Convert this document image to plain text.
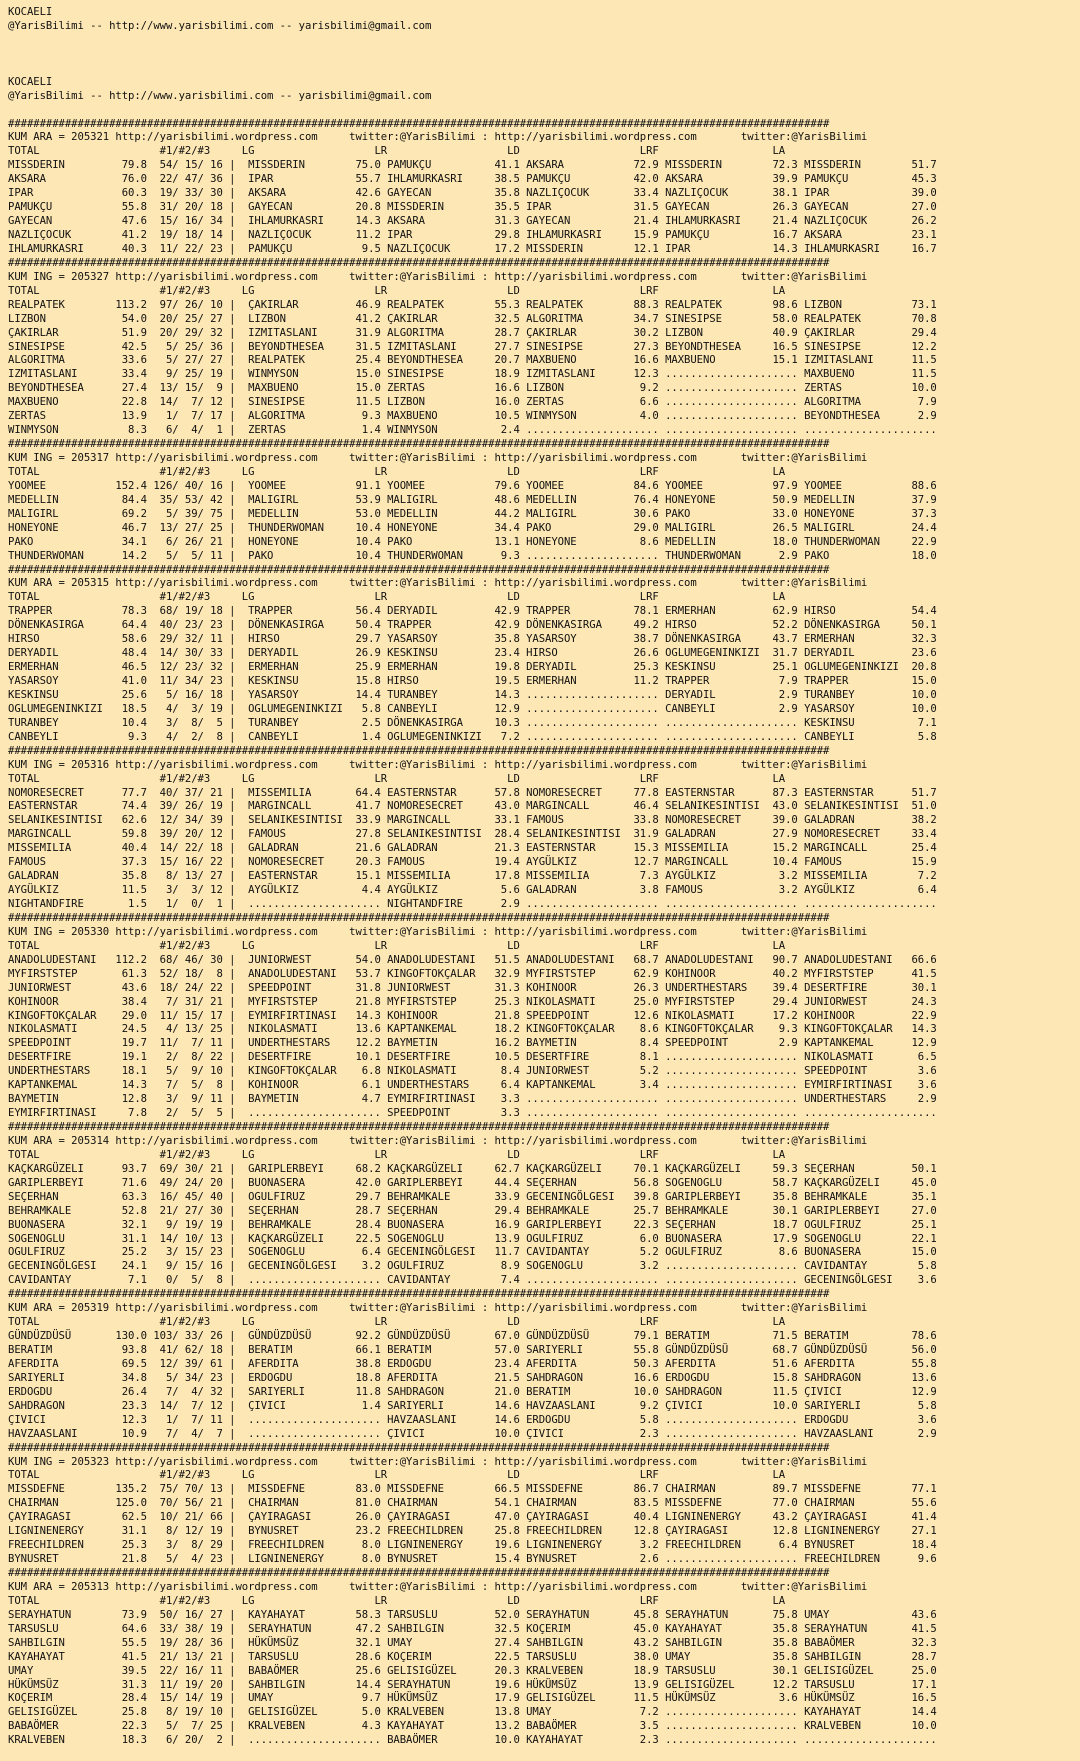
KOCAELI
@YarisBilimi -- http://www.yarisbilimi.com -- yarisbilimi@gmail.com
KOCAELI
@YarisBilimi -- http://www.yarisbilimi.com -- yarisbilimi@gmail.com
##################################################################################################################################
KUM ARA = 205321 http://yarisbilimi.wordpress.com     twitter:@YarisBilimi : http://yarisbilimi.wordpress.com       twitter:@YarisBilimi
TOTAL                   #1/#2/#3     LG                   LR                   LD                   LRF                  LA
MISSDERIN         79.8  54/ 15/ 16 |  MISSDERIN        75.0 PAMUKÇU          41.1 AKSARA           72.9 MISSDERIN        72.3 MISSDERIN        51.7
AKSARA            76.0  22/ 47/ 36 |  IPAR             55.7 IHLAMURKASRI     38.5 PAMUKÇU          42.0 AKSARA           39.9 PAMUKÇU          45.3
IPAR              60.3  19/ 33/ 30 |  AKSARA           42.6 GAYECAN          35.8 NAZLIÇOCUK       33.4 NAZLIÇOCUK       38.1 IPAR             39.0
PAMUKÇU           55.8  31/ 20/ 18 |  GAYECAN          20.8 MISSDERIN        35.5 IPAR             31.5 GAYECAN          26.3 GAYECAN          27.0
GAYECAN           47.6  15/ 16/ 34 |  IHLAMURKASRI     14.3 AKSARA           31.3 GAYECAN          21.4 IHLAMURKASRI     21.4 NAZLIÇOCUK       26.2
NAZLIÇOCUK        41.2  19/ 18/ 14 |  NAZLIÇOCUK       11.2 IPAR             29.8 IHLAMURKASRI     15.9 PAMUKÇU          16.7 AKSARA           23.1
IHLAMURKASRI      40.3  11/ 22/ 23 |  PAMUKÇU           9.5 NAZLIÇOCUK       17.2 MISSDERIN        12.1 IPAR             14.3 IHLAMURKASRI     16.7
##################################################################################################################################
KUM ING = 205327 http://yarisbilimi.wordpress.com     twitter:@YarisBilimi : http://yarisbilimi.wordpress.com       twitter:@YarisBilimi
TOTAL                   #1/#2/#3     LG                   LR                   LD                   LRF                  LA
REALPATEK        113.2  97/ 26/ 10 |  ÇAKIRLAR         46.9 REALPATEK        55.3 REALPATEK        88.3 REALPATEK        98.6 LIZBON           73.1
LIZBON            54.0  20/ 25/ 27 |  LIZBON           41.2 ÇAKIRLAR         32.5 ALGORITMA        34.7 SINESIPSE        58.0 REALPATEK        70.8
ÇAKIRLAR          51.9  20/ 29/ 32 |  IZMITASLANI      31.9 ALGORITMA        28.7 ÇAKIRLAR         30.2 LIZBON           40.9 ÇAKIRLAR         29.4
SINESIPSE         42.5   5/ 25/ 36 |  BEYONDTHESEA     31.5 IZMITASLANI      27.7 SINESIPSE        27.3 BEYONDTHESEA     16.5 SINESIPSE        12.2
ALGORITMA         33.6   5/ 27/ 27 |  REALPATEK        25.4 BEYONDTHESEA     20.7 MAXBUENO         16.6 MAXBUENO         15.1 IZMITASLANI      11.5
IZMITASLANI       33.4   9/ 25/ 19 |  WINMYSON         15.0 SINESIPSE        18.9 IZMITASLANI      12.3 ..................... MAXBUENO         11.5
BEYONDTHESEA      27.4  13/ 15/  9 |  MAXBUENO         15.0 ZERTAS           16.6 LIZBON            9.2 ..................... ZERTAS           10.0
MAXBUENO          22.8  14/  7/ 12 |  SINESIPSE        11.5 LIZBON           16.0 ZERTAS            6.6 ..................... ALGORITMA         7.9
ZERTAS            13.9   1/  7/ 17 |  ALGORITMA         9.3 MAXBUENO         10.5 WINMYSON          4.0 ..................... BEYONDTHESEA      2.9
WINMYSON           8.3   6/  4/  1 |  ZERTAS            1.4 WINMYSON          2.4 ..................... ..................... .....................
##################################################################################################################################
KUM ING = 205317 http://yarisbilimi.wordpress.com     twitter:@YarisBilimi : http://yarisbilimi.wordpress.com       twitter:@YarisBilimi
TOTAL                   #1/#2/#3     LG                   LR                   LD                   LRF                  LA
YOOMEE           152.4 126/ 40/ 16 |  YOOMEE           91.1 YOOMEE           79.6 YOOMEE           84.6 YOOMEE           97.9 YOOMEE           88.6
MEDELLIN          84.4  35/ 53/ 42 |  MALIGIRL         53.9 MALIGIRL         48.6 MEDELLIN         76.4 HONEYONE         50.9 MEDELLIN         37.9
MALIGIRL          69.2   5/ 39/ 75 |  MEDELLIN         53.0 MEDELLIN         44.2 MALIGIRL         30.6 PAKO             33.0 HONEYONE         37.3
HONEYONE          46.7  13/ 27/ 25 |  THUNDERWOMAN     10.4 HONEYONE         34.4 PAKO             29.0 MALIGIRL         26.5 MALIGIRL         24.4
PAKO              34.1   6/ 26/ 21 |  HONEYONE         10.4 PAKO             13.1 HONEYONE          8.6 MEDELLIN         18.0 THUNDERWOMAN     22.9
THUNDERWOMAN      14.2   5/  5/ 11 |  PAKO             10.4 THUNDERWOMAN      9.3 ..................... THUNDERWOMAN      2.9 PAKO             18.0
##################################################################################################################################
KUM ARA = 205315 http://yarisbilimi.wordpress.com     twitter:@YarisBilimi : http://yarisbilimi.wordpress.com       twitter:@YarisBilimi
TOTAL                   #1/#2/#3     LG                   LR                   LD                   LRF                  LA
TRAPPER           78.3  68/ 19/ 18 |  TRAPPER          56.4 DERYADIL         42.9 TRAPPER          78.1 ERMERHAN         62.9 HIRSO            54.4
DÖNENKASIRGA      64.4  40/ 23/ 23 |  DÖNENKASIRGA     50.4 TRAPPER          42.9 DÖNENKASIRGA     49.2 HIRSO            52.2 DÖNENKASIRGA     50.1
HIRSO             58.6  29/ 32/ 11 |  HIRSO            29.7 YASARSOY         35.8 YASARSOY         38.7 DÖNENKASIRGA     43.7 ERMERHAN         32.3
DERYADIL          48.4  14/ 30/ 33 |  DERYADIL         26.9 KESKINSU         23.4 HIRSO            26.6 OGLUMEGENINKIZI  31.7 DERYADIL         23.6
ERMERHAN          46.5  12/ 23/ 32 |  ERMERHAN         25.9 ERMERHAN         19.8 DERYADIL         25.3 KESKINSU         25.1 OGLUMEGENINKIZI  20.8
YASARSOY          41.0  11/ 34/ 23 |  KESKINSU         15.8 HIRSO            19.5 ERMERHAN         11.2 TRAPPER           7.9 TRAPPER          15.0
KESKINSU          25.6   5/ 16/ 18 |  YASARSOY         14.4 TURANBEY         14.3 ..................... DERYADIL          2.9 TURANBEY         10.0
OGLUMEGENINKIZI   18.5   4/  3/ 19 |  OGLUMEGENINKIZI   5.8 CANBEYLI         12.9 ..................... CANBEYLI          2.9 YASARSOY         10.0
TURANBEY          10.4   3/  8/  5 |  TURANBEY          2.5 DÖNENKASIRGA     10.3 ..................... ..................... KESKINSU          7.1
CANBEYLI           9.3   4/  2/  8 |  CANBEYLI          1.4 OGLUMEGENINKIZI   7.2 ..................... ..................... CANBEYLI          5.8
##################################################################################################################################
KUM ING = 205316 http://yarisbilimi.wordpress.com     twitter:@YarisBilimi : http://yarisbilimi.wordpress.com       twitter:@YarisBilimi
TOTAL                   #1/#2/#3     LG                   LR                   LD                   LRF                  LA
NOMORESECRET      77.7  40/ 37/ 21 |  MISSEMILIA       64.4 EASTERNSTAR      57.8 NOMORESECRET     77.8 EASTERNSTAR      87.3 EASTERNSTAR      51.7
EASTERNSTAR       74.4  39/ 26/ 19 |  MARGINCALL       41.7 NOMORESECRET     43.0 MARGINCALL       46.4 SELANIKESINTISI  43.0 SELANIKESINTISI  51.0
SELANIKESINTISI   62.6  12/ 34/ 39 |  SELANIKESINTISI  33.9 MARGINCALL       33.1 FAMOUS           33.8 NOMORESECRET     39.0 GALADRAN         38.2
MARGINCALL        59.8  39/ 20/ 12 |  FAMOUS           27.8 SELANIKESINTISI  28.4 SELANIKESINTISI  31.9 GALADRAN         27.9 NOMORESECRET     33.4
MISSEMILIA        40.4  14/ 22/ 18 |  GALADRAN         21.6 GALADRAN         21.3 EASTERNSTAR      15.3 MISSEMILIA       15.2 MARGINCALL       25.4
FAMOUS            37.3  15/ 16/ 22 |  NOMORESECRET     20.3 FAMOUS           19.4 AYGÜLKIZ         12.7 MARGINCALL       10.4 FAMOUS           15.9
GALADRAN          35.8   8/ 13/ 27 |  EASTERNSTAR      15.1 MISSEMILIA       17.8 MISSEMILIA        7.3 AYGÜLKIZ          3.2 MISSEMILIA        7.2
AYGÜLKIZ          11.5   3/  3/ 12 |  AYGÜLKIZ          4.4 AYGÜLKIZ          5.6 GALADRAN          3.8 FAMOUS            3.2 AYGÜLKIZ          6.4
NIGHTANDFIRE       1.5   1/  0/  1 |  ..................... NIGHTANDFIRE      2.9 ..................... ..................... .....................
##################################################################################################################################
KUM ING = 205330 http://yarisbilimi.wordpress.com     twitter:@YarisBilimi : http://yarisbilimi.wordpress.com       twitter:@YarisBilimi
TOTAL                   #1/#2/#3     LG                   LR                   LD                   LRF                  LA
ANADOLUDESTANI   112.2  68/ 46/ 30 |  JUNIORWEST       54.0 ANADOLUDESTANI   51.5 ANADOLUDESTANI   68.7 ANADOLUDESTANI   90.7 ANADOLUDESTANI   66.6
MYFIRSTSTEP       61.3  52/ 18/  8 |  ANADOLUDESTANI   53.7 KINGOFTOKÇALAR   32.9 MYFIRSTSTEP      62.9 KOHINOOR         40.2 MYFIRSTSTEP      41.5
JUNIORWEST        43.6  18/ 24/ 22 |  SPEEDPOINT       31.8 JUNIORWEST       31.3 KOHINOOR         26.3 UNDERTHESTARS    39.4 DESERTFIRE       30.1
KOHINOOR          38.4   7/ 31/ 21 |  MYFIRSTSTEP      21.8 MYFIRSTSTEP      25.3 NIKOLASMATI      25.0 MYFIRSTSTEP      29.4 JUNIORWEST       24.3
KINGOFTOKÇALAR    29.0  11/ 15/ 17 |  EYMIRFIRTINASI   14.3 KOHINOOR         21.8 SPEEDPOINT       12.6 NIKOLASMATI      17.2 KOHINOOR         22.9
NIKOLASMATI       24.5   4/ 13/ 25 |  NIKOLASMATI      13.6 KAPTANKEMAL      18.2 KINGOFTOKÇALAR    8.6 KINGOFTOKÇALAR    9.3 KINGOFTOKÇALAR   14.3
SPEEDPOINT        19.7  11/  7/ 11 |  UNDERTHESTARS    12.2 BAYMETIN         16.2 BAYMETIN          8.4 SPEEDPOINT        2.9 KAPTANKEMAL      12.9
DESERTFIRE        19.1   2/  8/ 22 |  DESERTFIRE       10.1 DESERTFIRE       10.5 DESERTFIRE        8.1 ..................... NIKOLASMATI       6.5
UNDERTHESTARS     18.1   5/  9/ 10 |  KINGOFTOKÇALAR    6.8 NIKOLASMATI       8.4 JUNIORWEST        5.2 ..................... SPEEDPOINT        3.6
KAPTANKEMAL       14.3   7/  5/  8 |  KOHINOOR          6.1 UNDERTHESTARS     6.4 KAPTANKEMAL       3.4 ..................... EYMIRFIRTINASI    3.6
BAYMETIN          12.8   3/  9/ 11 |  BAYMETIN          4.7 EYMIRFIRTINASI    3.3 ..................... ..................... UNDERTHESTARS     2.9
EYMIRFIRTINASI     7.8   2/  5/  5 |  ..................... SPEEDPOINT        3.3 ..................... ..................... .....................
##################################################################################################################################
KUM ARA = 205314 http://yarisbilimi.wordpress.com     twitter:@YarisBilimi : http://yarisbilimi.wordpress.com       twitter:@YarisBilimi
TOTAL                   #1/#2/#3     LG                   LR                   LD                   LRF                  LA
KAÇKARGÜZELI      93.7  69/ 30/ 21 |  GARIPLERBEYI     68.2 KAÇKARGÜZELI     62.7 KAÇKARGÜZELI     70.1 KAÇKARGÜZELI     59.3 SEÇERHAN         50.1
GARIPLERBEYI      71.6  49/ 24/ 20 |  BUONASERA        42.0 GARIPLERBEYI     44.4 SEÇERHAN         56.8 SOGENOGLU        58.7 KAÇKARGÜZELI     45.0
SEÇERHAN          63.3  16/ 45/ 40 |  OGULFIRUZ        29.7 BEHRAMKALE       33.9 GECENINGÖLGESI   39.8 GARIPLERBEYI     35.8 BEHRAMKALE       35.1
BEHRAMKALE        52.8  21/ 27/ 30 |  SEÇERHAN         28.7 SEÇERHAN         29.4 BEHRAMKALE       25.7 BEHRAMKALE       30.1 GARIPLERBEYI     27.0
BUONASERA         32.1   9/ 19/ 19 |  BEHRAMKALE       28.4 BUONASERA        16.9 GARIPLERBEYI     22.3 SEÇERHAN         18.7 OGULFIRUZ        25.1
SOGENOGLU         31.1  14/ 10/ 13 |  KAÇKARGÜZELI     22.5 SOGENOGLU        13.9 OGULFIRUZ         6.0 BUONASERA        17.9 SOGENOGLU        22.1
OGULFIRUZ         25.2   3/ 15/ 23 |  SOGENOGLU         6.4 GECENINGÖLGESI   11.7 CAVIDANTAY        5.2 OGULFIRUZ         8.6 BUONASERA        15.0
GECENINGÖLGESI    24.1   9/ 15/ 16 |  GECENINGÖLGESI    3.2 OGULFIRUZ         8.9 SOGENOGLU         3.2 ..................... CAVIDANTAY        5.8
CAVIDANTAY         7.1   0/  5/  8 |  ..................... CAVIDANTAY        7.4 ..................... ..................... GECENINGÖLGESI    3.6
##################################################################################################################################
KUM ARA = 205319 http://yarisbilimi.wordpress.com     twitter:@YarisBilimi : http://yarisbilimi.wordpress.com       twitter:@YarisBilimi
TOTAL                   #1/#2/#3     LG                   LR                   LD                   LRF                  LA
GÜNDÜZDÜSÜ       130.0 103/ 33/ 26 |  GÜNDÜZDÜSÜ       92.2 GÜNDÜZDÜSÜ       67.0 GÜNDÜZDÜSÜ       79.1 BERATIM          71.5 BERATIM          78.6
BERATIM           93.8  41/ 62/ 18 |  BERATIM          66.1 BERATIM          57.0 SARIYERLI        55.8 GÜNDÜZDÜSÜ       68.7 GÜNDÜZDÜSÜ       56.0
AFERDITA          69.5  12/ 39/ 61 |  AFERDITA         38.8 ERDOGDU          23.4 AFERDITA         50.3 AFERDITA         51.6 AFERDITA         55.8
SARIYERLI         34.8   5/ 34/ 23 |  ERDOGDU          18.8 AFERDITA         21.5 SAHDRAGON        16.6 ERDOGDU          15.8 SAHDRAGON        13.6
ERDOGDU           26.4   7/  4/ 32 |  SARIYERLI        11.8 SAHDRAGON        21.0 BERATIM          10.0 SAHDRAGON        11.5 ÇIVICI           12.9
SAHDRAGON         23.3  14/  7/ 12 |  ÇIVICI            1.4 SARIYERLI        14.6 HAVZAASLANI       9.2 ÇIVICI           10.0 SARIYERLI         5.8
ÇIVICI            12.3   1/  7/ 11 |  ..................... HAVZAASLANI      14.6 ERDOGDU           5.8 ..................... ERDOGDU           3.6
HAVZAASLANI       10.9   7/  4/  7 |  ..................... ÇIVICI           10.0 ÇIVICI            2.3 ..................... HAVZAASLANI       2.9
##################################################################################################################################
KUM ING = 205323 http://yarisbilimi.wordpress.com     twitter:@YarisBilimi : http://yarisbilimi.wordpress.com       twitter:@YarisBilimi
TOTAL                   #1/#2/#3     LG                   LR                   LD                   LRF                  LA
MISSDEFNE        135.2  75/ 70/ 13 |  MISSDEFNE        83.0 MISSDEFNE        66.5 MISSDEFNE        86.7 CHAIRMAN         89.7 MISSDEFNE        77.1
CHAIRMAN         125.0  70/ 56/ 21 |  CHAIRMAN         81.0 CHAIRMAN         54.1 CHAIRMAN         83.5 MISSDEFNE        77.0 CHAIRMAN         55.6
ÇAYIRAGASI        62.5  10/ 21/ 66 |  ÇAYIRAGASI       26.0 ÇAYIRAGASI       47.0 ÇAYIRAGASI       40.4 LIGNINENERGY     43.2 ÇAYIRAGASI       41.4
LIGNINENERGY      31.1   8/ 12/ 19 |  BYNUSRET         23.2 FREECHILDREN     25.8 FREECHILDREN     12.8 ÇAYIRAGASI       12.8 LIGNINENERGY     27.1
FREECHILDREN      25.3   3/  8/ 29 |  FREECHILDREN      8.0 LIGNINENERGY     19.6 LIGNINENERGY      3.2 FREECHILDREN      6.4 BYNUSRET         18.4
BYNUSRET          21.8   5/  4/ 23 |  LIGNINENERGY      8.0 BYNUSRET         15.4 BYNUSRET          2.6 ..................... FREECHILDREN      9.6
##################################################################################################################################
KUM ARA = 205313 http://yarisbilimi.wordpress.com     twitter:@YarisBilimi : http://yarisbilimi.wordpress.com       twitter:@YarisBilimi
TOTAL                   #1/#2/#3     LG                   LR                   LD                   LRF                  LA
SERAYHATUN        73.9  50/ 16/ 27 |  KAYAHAYAT        58.3 TARSUSLU         52.0 SERAYHATUN       45.8 SERAYHATUN       75.8 UMAY             43.6
TARSUSLU          64.6  33/ 38/ 19 |  SERAYHATUN       47.2 SAHBILGIN        32.5 KOÇERIM          45.0 KAYAHAYAT        35.8 SERAYHATUN       41.5
SAHBILGIN         55.5  19/ 28/ 36 |  HÜKÜMSÜZ         32.1 UMAY             27.4 SAHBILGIN        43.2 SAHBILGIN        35.8 BABAÖMER         32.3
KAYAHAYAT         41.5  21/ 13/ 21 |  TARSUSLU         28.6 KOÇERIM          22.5 TARSUSLU         38.0 UMAY             35.8 SAHBILGIN        28.7
UMAY              39.5  22/ 16/ 11 |  BABAÖMER         25.6 GELISIGÜZEL      20.3 KRALVEBEN        18.9 TARSUSLU         30.1 GELISIGÜZEL      25.0
HÜKÜMSÜZ          31.3  11/ 19/ 20 |  SAHBILGIN        14.4 SERAYHATUN       19.6 HÜKÜMSÜZ         13.9 GELISIGÜZEL      12.2 TARSUSLU         17.1
KOÇERIM           28.4  15/ 14/ 19 |  UMAY              9.7 HÜKÜMSÜZ         17.9 GELISIGÜZEL      11.5 HÜKÜMSÜZ          3.6 HÜKÜMSÜZ         16.5
GELISIGÜZEL       25.8   8/ 19/ 10 |  GELISIGÜZEL       5.0 KRALVEBEN        13.8 UMAY              7.2 ..................... KAYAHAYAT        14.4
BABAÖMER          22.3   5/  7/ 25 |  KRALVEBEN         4.3 KAYAHAYAT        13.2 BABAÖMER          3.5 ..................... KRALVEBEN        10.0
KRALVEBEN         18.3   6/ 20/  2 |  ..................... BABAÖMER         10.0 KAYAHAYAT         2.3 ..................... .....................
